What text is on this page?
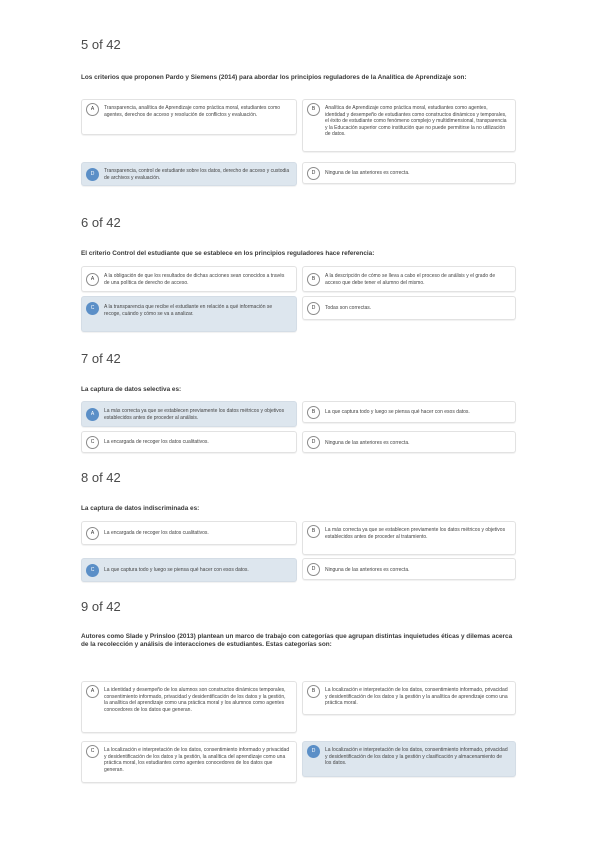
5 of 42
Los criterios que proponen Pardo y Siemens (2014) para abordar los principios reguladores de la Analítica de Aprendizaje son:
A	Transparencia, analítica de Aprendizaje como práctica moral, estudiantes como agentes, derechos de acceso y resolución de conflictos y evaluación.
B	Analítica de Aprendizaje como práctica moral, estudiantes como agentes, identidad y desempeño de estudiantes como constructos dinámicos y temporales, el éxito de estudiante como fenómeno complejo y multidimensional, transparencia y la Educación superior como institución que no puede permitirse la no utilización de datos.
D	Transparencia, control de estudiante sobre los datos, derecho de acceso y custodia de archivos y evaluación.
D	Ninguna de las anteriores es correcta.
6 of 42
El criterio Control del estudiante que se establece en los principios reguladores hace referencia:
A	A la obligación de que los resultados de dichas acciones sean conocidos a través de una política de derecho de acceso.
B	A la descripción de cómo se lleva a cabo el proceso de análisis y el grado de acceso que debe tener el alumno del mismo.
C	A la transparencia que recibe el estudiante en relación a qué información se recoge, cuándo y cómo se va a analizar.
D	Todas son correctas.
7 of 42
La captura de datos selectiva es:
A	La más correcta ya que se establecen previamente los datos métricos y objetivos establecidos antes de proceder al análisis.
B	La que captura todo y luego se piensa qué hacer con esos datos.
C	La encargada de recoger los datos cualitativos.	D	Ninguna de las anteriores es correcta.
8 of 42
La captura de datos indiscriminada es:
A	La encargada de recoger los datos cualitativos.	B	La más correcta ya que se establecen previamente los datos métricos y objetivos establecidos antes de proceder al tratamiento.
C	La que captura todo y luego se piensa qué hacer con esos datos.	D	Ninguna de las anteriores es correcta.
9 of 42
Autores como Slade y Prinsloo (2013) plantean un marco de trabajo con categorías que agrupan distintas inquietudes éticas y dilemas acerca de la recolección y análisis de interacciones de estudiantes. Estas categorías son:
A	La identidad y desempeño de los alumnos son constructos dinámicos temporales, consentimiento informado, privacidad y desidentificación de los datos y la gestión, la analítica del aprendizaje como una práctica moral y los alumnos como agentes conocedores de los datos que generan.
B	La localización e interpretación de los datos, consentimiento informado, privacidad y desidentificación de los datos y la gestión y la analítica de aprendizaje como una práctica moral.
C	La localización e interpretación de los datos, consentimiento informado y privacidad y desidentificación de los datos y la gestión, la analítica del aprendizaje como una práctica moral, los estudiantes como agentes conocedores de los datos que generan.
D	La localización e interpretación de los datos, consentimiento informado, privacidad y desidentificación de los datos y la gestión y clasificación y almacenamiento de los datos.
